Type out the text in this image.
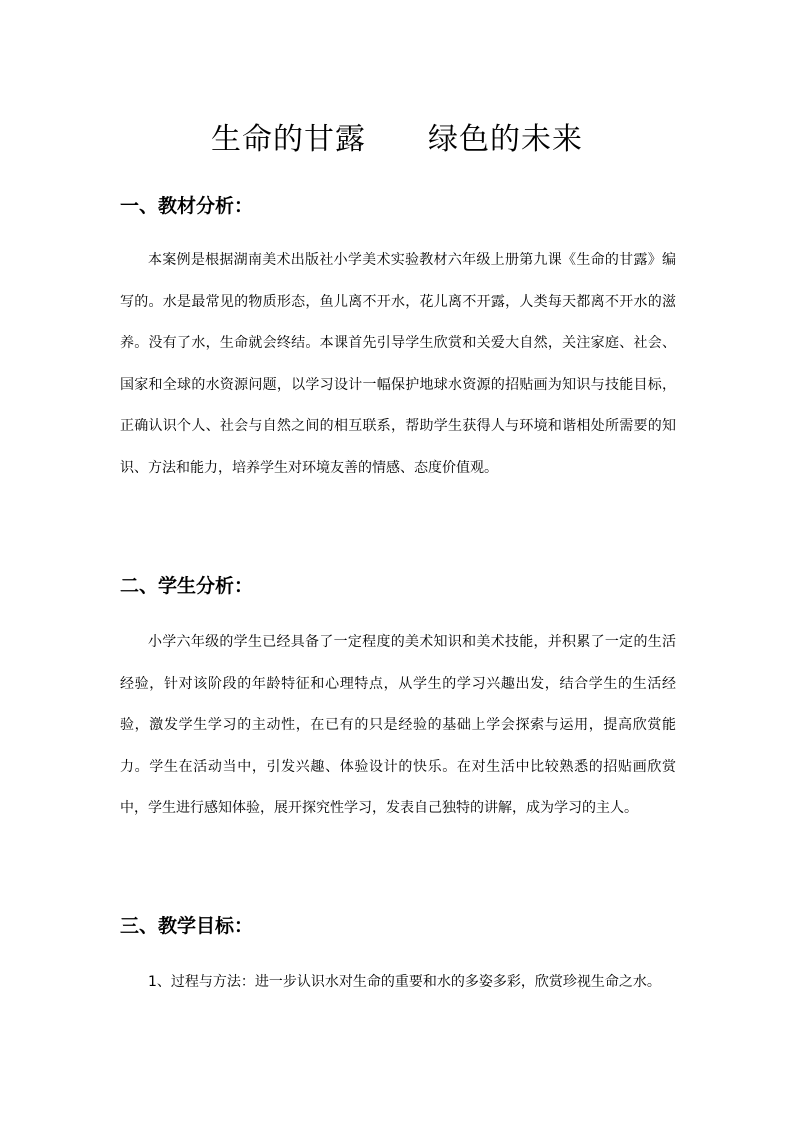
生命的甘露　　绿色的未来
一、教材分析：
本案例是根据湖南美术出版社小学美术实验教材六年级上册第九课《生命的甘露》编写的。水是最常见的物质形态，鱼儿离不开水，花儿离不开露，人类每天都离不开水的滋养。没有了水，生命就会终结。本课首先引导学生欣赏和关爱大自然，关注家庭、社会、国家和全球的水资源问题，以学习设计一幅保护地球水资源的招贴画为知识与技能目标，正确认识个人、社会与自然之间的相互联系，帮助学生获得人与环境和谐相处所需要的知识、方法和能力，培养学生对环境友善的情感、态度价值观。
二、学生分析：
小学六年级的学生已经具备了一定程度的美术知识和美术技能，并积累了一定的生活经验，针对该阶段的年龄特征和心理特点，从学生的学习兴趣出发，结合学生的生活经验，激发学生学习的主动性，在已有的只是经验的基础上学会探索与运用，提高欣赏能力。学生在活动当中，引发兴趣、体验设计的快乐。在对生活中比较熟悉的招贴画欣赏中，学生进行感知体验，展开探究性学习，发表自己独特的讲解，成为学习的主人。
三、教学目标：
1、过程与方法：进一步认识水对生命的重要和水的多姿多彩，欣赏珍视生命之水。
